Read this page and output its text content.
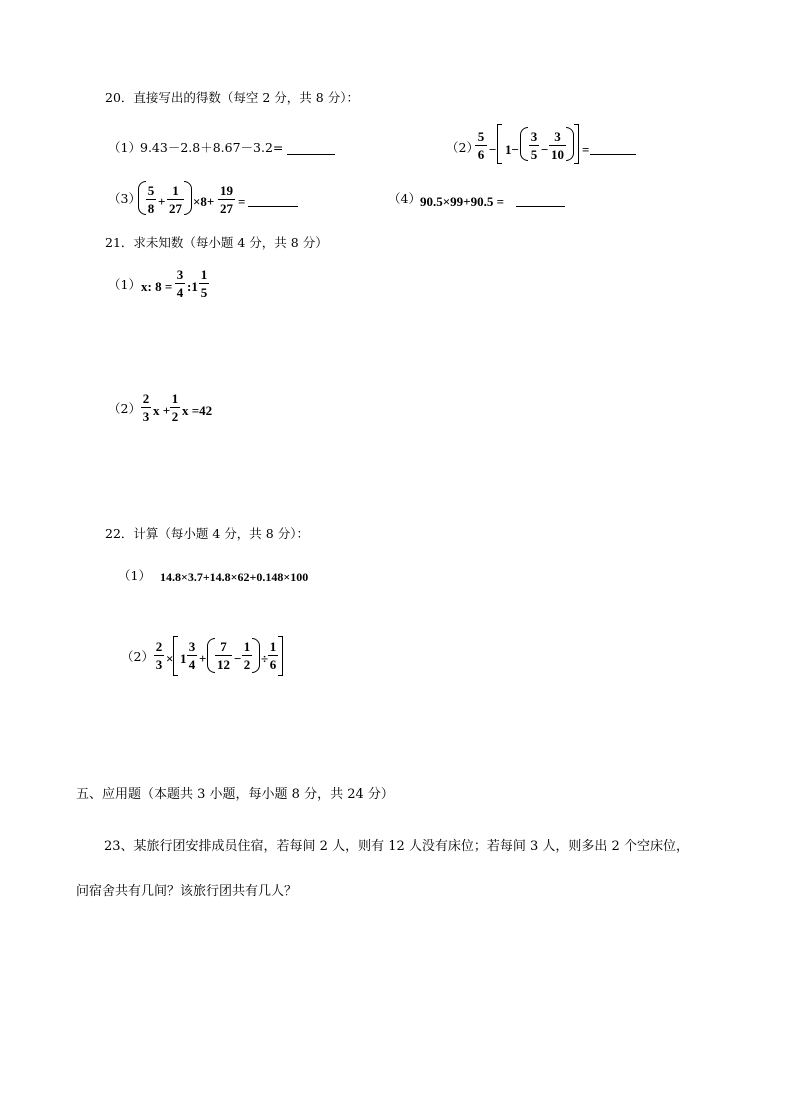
20．直接写出的得数（每空 2 分，共 8 分）：
（1） 9.43－2.8＋8.67－3.2=	（2）
$\frac{5}{6} - 1- \frac{3}{5} - \frac{3}{10}$ =
$(3) \frac{5}{8} + \frac{1}{27} \times 8+ \frac{19}{27}$ =	（4） 90.5×99+90.5 =
21．求未知数（每小题 4 分，共 8 分）
（1） x: $8 = \frac{3}{4}$ :1 $\frac{1}{5}$
$(2) \frac{2}{3}$ $x + \frac{1}{2}$ x =42
22．计算（每小题 4 分，共 8 分）：
（1） 14.8×3.7+14.8×62+0.148×100
$(2) \frac{2}{3} \times 1 \frac{3}{4} + \frac{7}{12} - \frac{1}{2} \div \frac{1}{6}$
五、应用题（本题共 3 小题，每小题 8 分，共 24 分）
23、某旅行团安排成员住宿，若每间 2 人，则有 12 人没有床位；若每间 3 人，则多出 2 个空床位，
问宿舍共有几间？该旅行团共有几人？
